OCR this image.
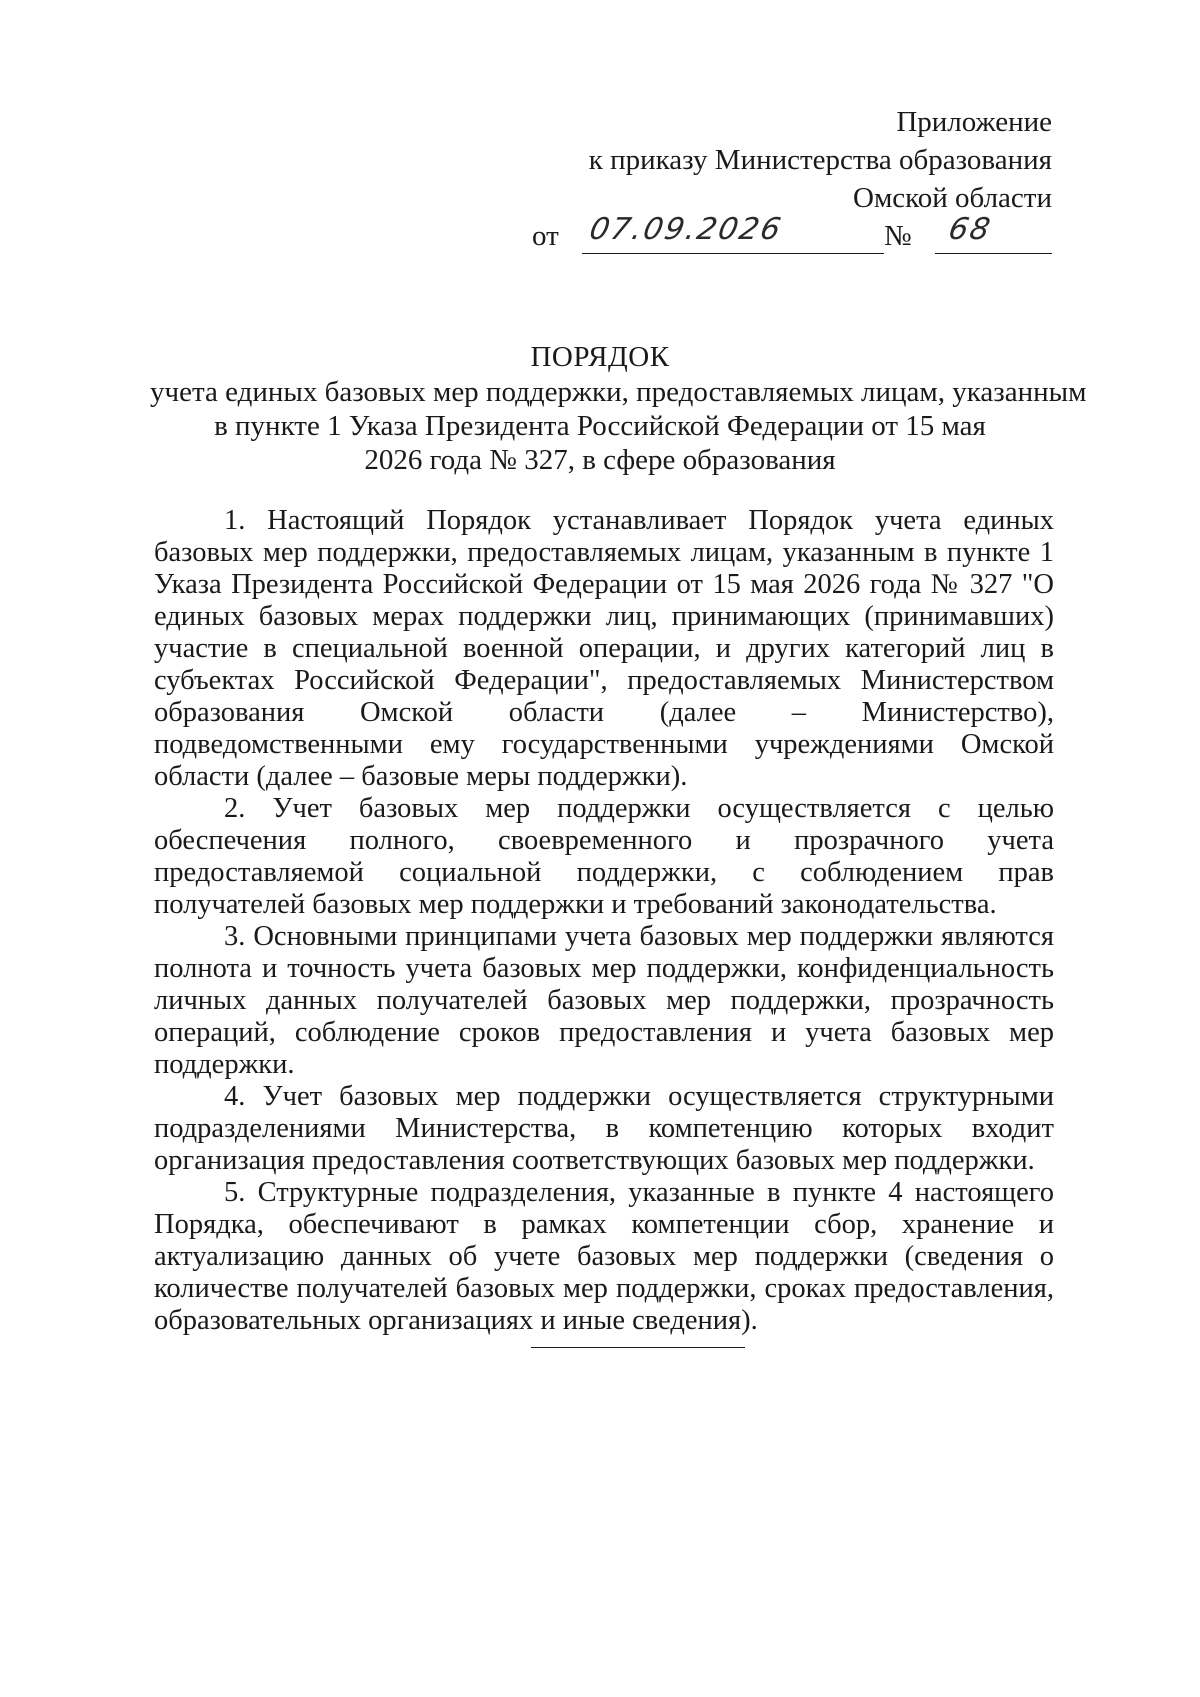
Приложение
к приказу Министерства образования
Омской области
от 07.09.2026	№ 68
ПОРЯДОК
учета единых базовых мер поддержки, предоставляемых лицам, указанным
в пункте 1 Указа Президента Российской Федерации от 15 мая
2026 года № 327, в сфере образования

1. Настоящий Порядок устанавливает Порядок учета единых базовых мер поддержки, предоставляемых лицам, указанным в пункте 1 Указа Президента Российской Федерации от 15 мая 2026 года № 327 "О единых базовых мерах поддержки лиц, принимающих (принимавших) участие в специальной военной операции, и других категорий лиц в субъектах Российской Федерации", предоставляемых Министерством образования Омской области (далее – Министерство), подведомственными ему государственными учреждениями Омской области (далее – базовые меры поддержки).

2. Учет базовых мер поддержки осуществляется с целью обеспечения полного, своевременного и прозрачного учета предоставляемой социальной поддержки, с соблюдением прав получателей базовых мер поддержки и требований законодательства.

3. Основными принципами учета базовых мер поддержки являются полнота и точность учета базовых мер поддержки, конфиденциальность личных данных получателей базовых мер поддержки, прозрачность операций, соблюдение сроков предоставления и учета базовых мер поддержки.

4. Учет базовых мер поддержки осуществляется структурными подразделениями Министерства, в компетенцию которых входит организация предоставления соответствующих базовых мер поддержки.

5. Структурные подразделения, указанные в пункте 4 настоящего Порядка, обеспечивают в рамках компетенции сбор, хранение и актуализацию данных об учете базовых мер поддержки (сведения о количестве получателей базовых мер поддержки, сроках предоставления, образовательных организациях и иные сведения).
